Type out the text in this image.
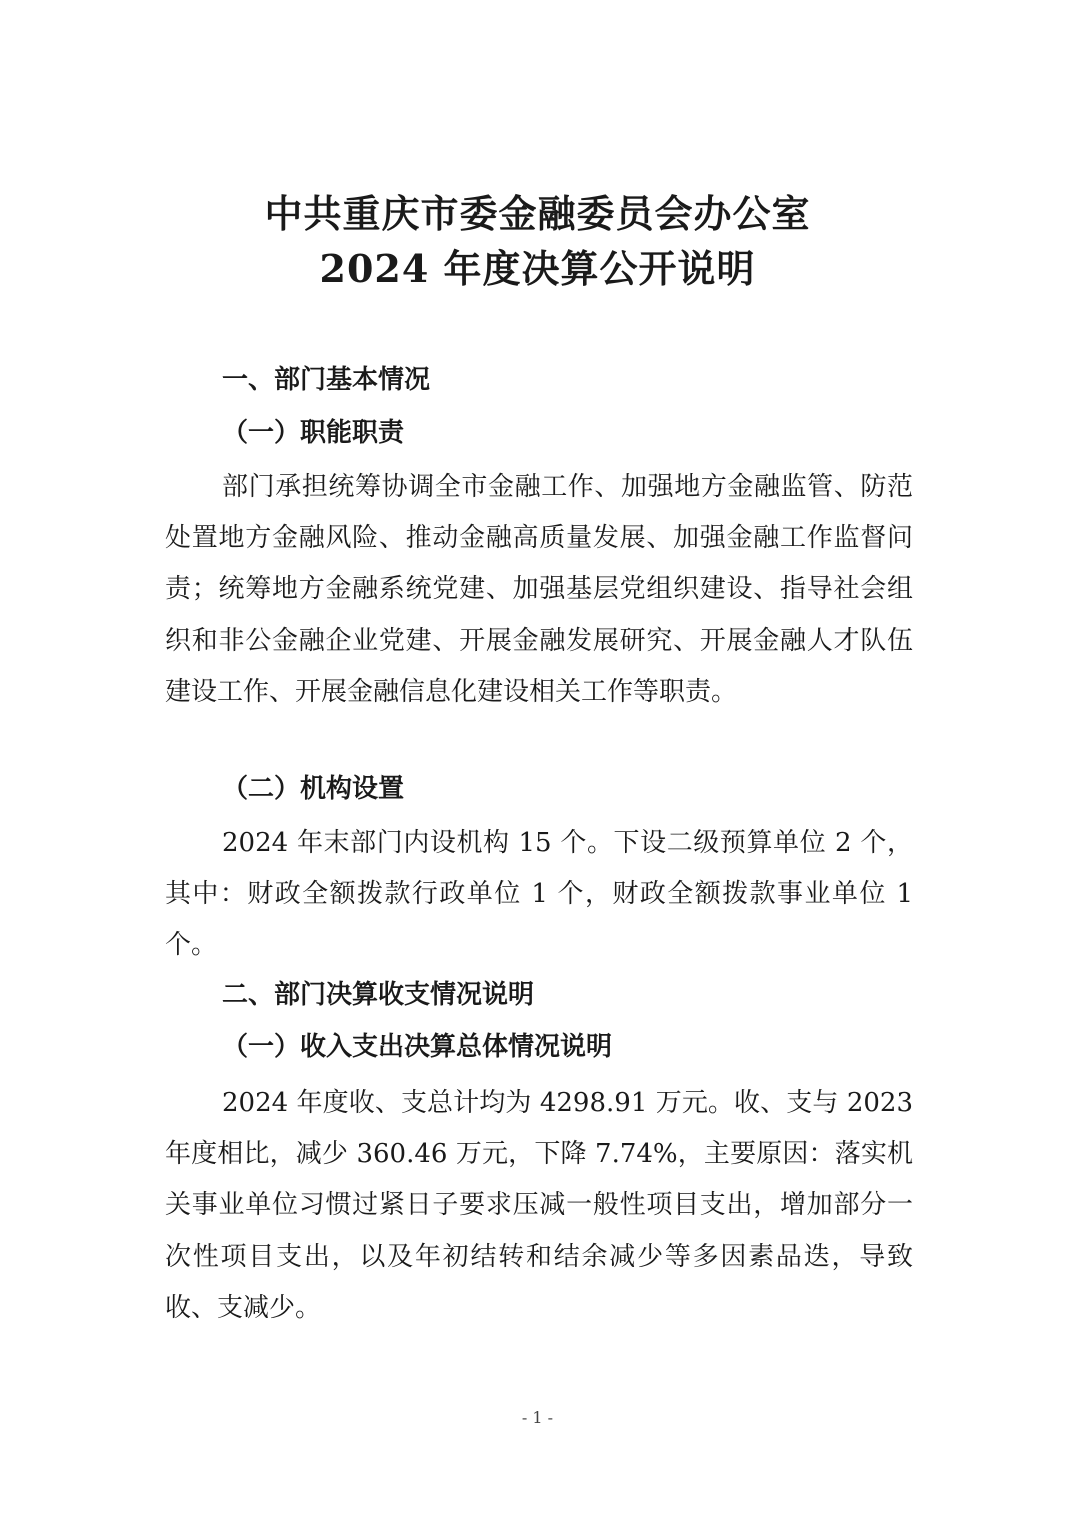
中共重庆市委金融委员会办公室
2024 年度决算公开说明
一、部门基本情况
（一）职能职责

部门承担统筹协调全市金融工作、加强地方金融监管、防范处置地方金融风险、推动金融高质量发展、加强金融工作监督问责；统筹地方金融系统党建、加强基层党组织建设、指导社会组织和非公金融企业党建、开展金融发展研究、开展金融人才队伍建设工作、开展金融信息化建设相关工作等职责。

（二）机构设置

2024 年末部门内设机构 15 个。下设二级预算单位 2 个，其中：财政全额拨款行政单位 1 个，财政全额拨款事业单位 1 个。

二、部门决算收支情况说明
（一）收入支出决算总体情况说明

2024 年度收、支总计均为 4298.91 万元。收、支与 2023 年度相比，减少 360.46 万元，下降 7.74%，主要原因：落实机关事业单位习惯过紧日子要求压减一般性项目支出，增加部分一次性项目支出，以及年初结转和结余减少等多因素品迭，导致收、支减少。

- 1 -
